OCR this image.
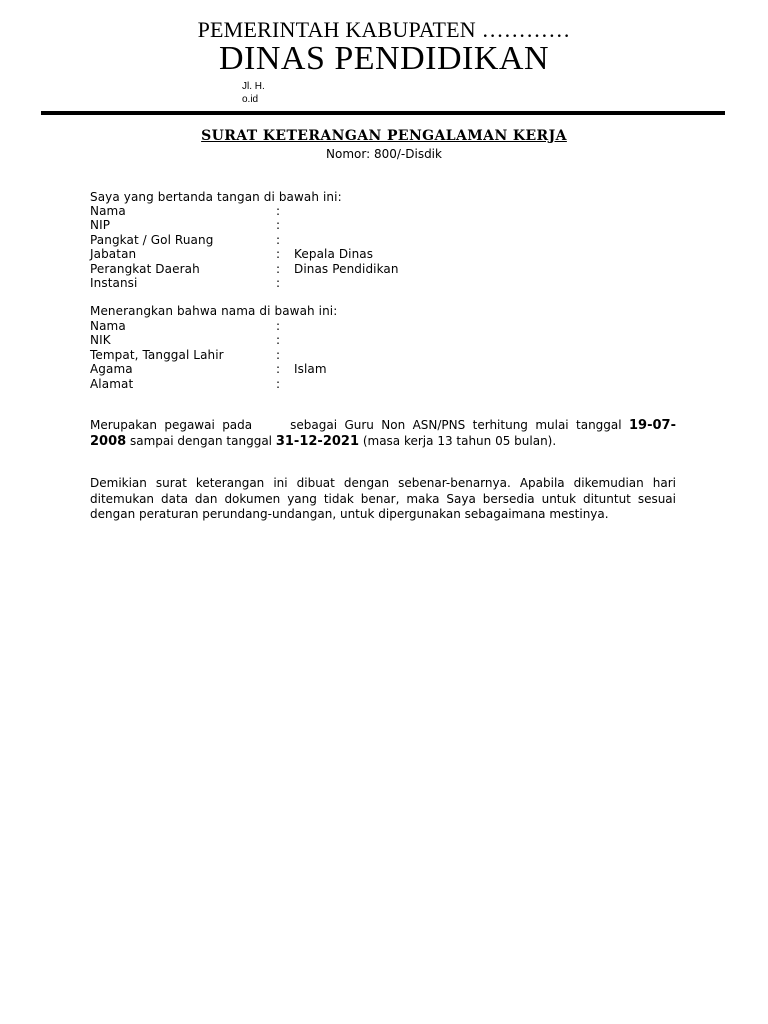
PEMERINTAH KABUPATEN …………
DINAS PENDIDIKAN
Jl. H.
o.id
SURAT KETERANGAN PENGALAMAN KERJA
Nomor: 800/-Disdik
Saya yang bertanda tangan di bawah ini:
Nama	:
NIP	:
Pangkat / Gol Ruang	:
Jabatan	:	Kepala Dinas
Perangkat Daerah	:	Dinas Pendidikan
Instansi	:
Menerangkan bahwa nama di bawah ini:
Nama	:
NIK	:
Tempat, Tanggal Lahir	:
Agama	:	Islam
Alamat	:
Merupakan pegawai pada	sebagai Guru Non ASN/PNS terhitung mulai tanggal 19-07-2008 sampai dengan tanggal 31-12-2021 (masa kerja 13 tahun 05 bulan).
Demikian surat keterangan ini dibuat dengan sebenar-benarnya. Apabila dikemudian hari ditemukan data dan dokumen yang tidak benar, maka Saya bersedia untuk dituntut sesuai dengan peraturan perundang-undangan, untuk dipergunakan sebagaimana mestinya.
